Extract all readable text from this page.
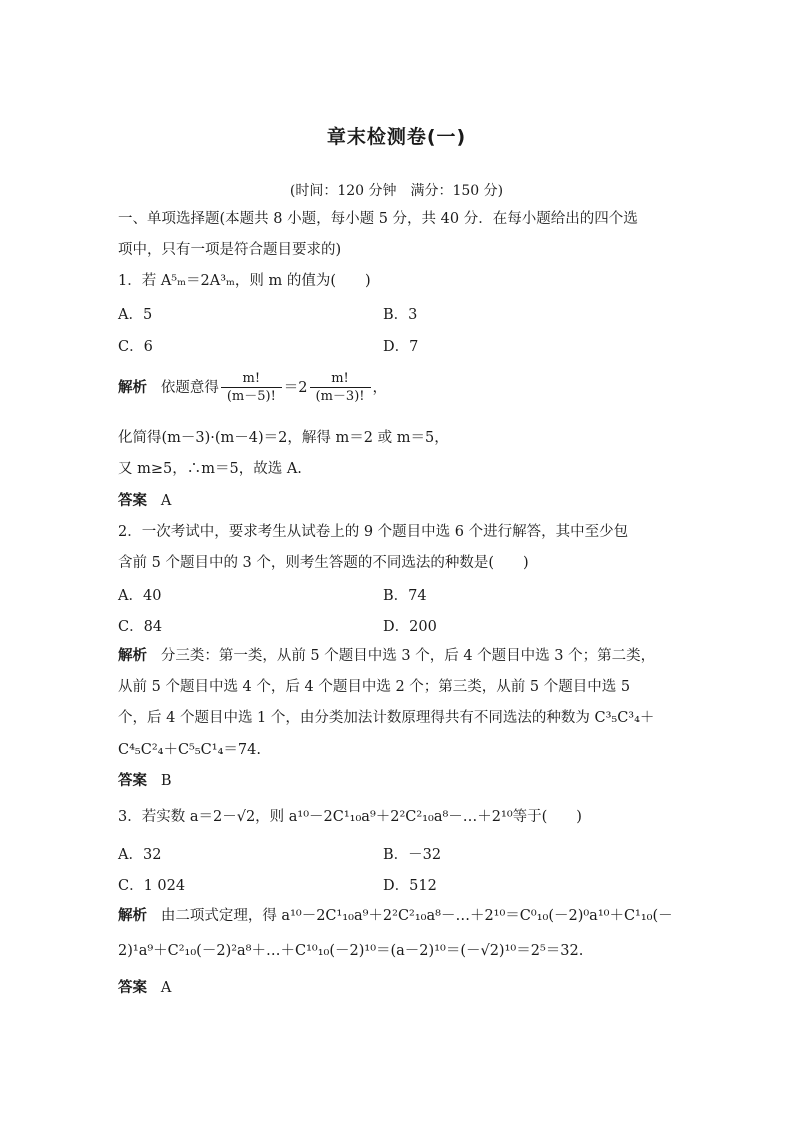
章末检测卷(一)
(时间：120 分钟　满分：150 分)
一、单项选择题(本题共 8 小题，每小题 5 分，共 40 分．在每小题给出的四个选
项中，只有一项是符合题目要求的)
1．若 A⁵ₘ＝2A³ₘ，则 m 的值为(　　)
A．5	B．3
C．6	D．7
解析 依题意得 $\frac{m!}{(m-5)!} =2 \frac{m!}{(m-3)!}$ ，
化简得(m－3)·(m－4)＝2，解得 m＝2 或 m＝5，
又 m≥5，∴m＝5，故选 A.
答案 A
2．一次考试中，要求考生从试卷上的 9 个题目中选 6 个进行解答，其中至少包
含前 5 个题目中的 3 个，则考生答题的不同选法的种数是(　　)
A．40	B．74
C．84	D．200
解析 分三类：第一类，从前 5 个题目中选 3 个，后 4 个题目中选 3 个；第二类，
从前 5 个题目中选 4 个，后 4 个题目中选 2 个；第三类，从前 5 个题目中选 5
个，后 4 个题目中选 1 个，由分类加法计数原理得共有不同选法的种数为 C³₅C³₄＋
C⁴₅C²₄＋C⁵₅C¹₄＝74.
答案 B
3．若实数 a＝2－√2，则 a¹⁰－2C¹₁₀a⁹＋2²C²₁₀a⁸－…＋2¹⁰等于(　　)
A．32	B．－32
C．1 024	D．512
解析 由二项式定理，得 a¹⁰－2C¹₁₀a⁹＋2²C²₁₀a⁸－…＋2¹⁰＝C⁰₁₀(－2)⁰a¹⁰＋C¹₁₀(－
2)¹a⁹＋C²₁₀(－2)²a⁸＋…＋C¹⁰₁₀(－2)¹⁰＝(a－2)¹⁰＝(－√2)¹⁰＝2⁵＝32.
答案 A
